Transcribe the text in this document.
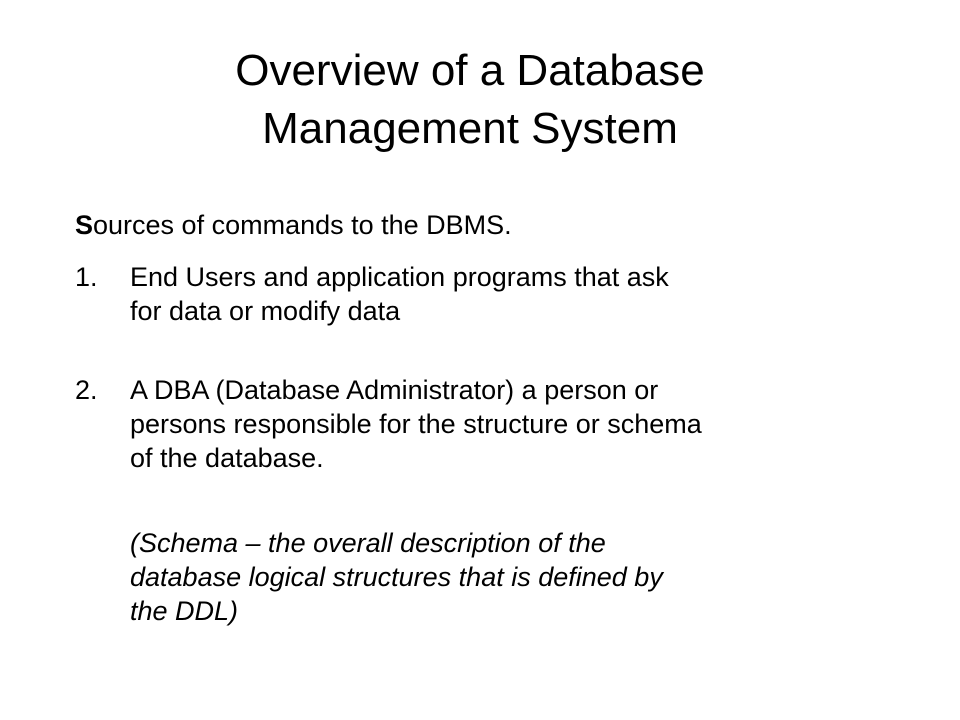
Overview of a Database
Management System

Sources of commands to the DBMS.

1. End Users and application programs that ask
for data or modify data
2. A DBA (Database Administrator) a person or
persons responsible for the structure or schema
of the database.
(Schema – the overall description of the
database logical structures that is defined by
the DDL)
